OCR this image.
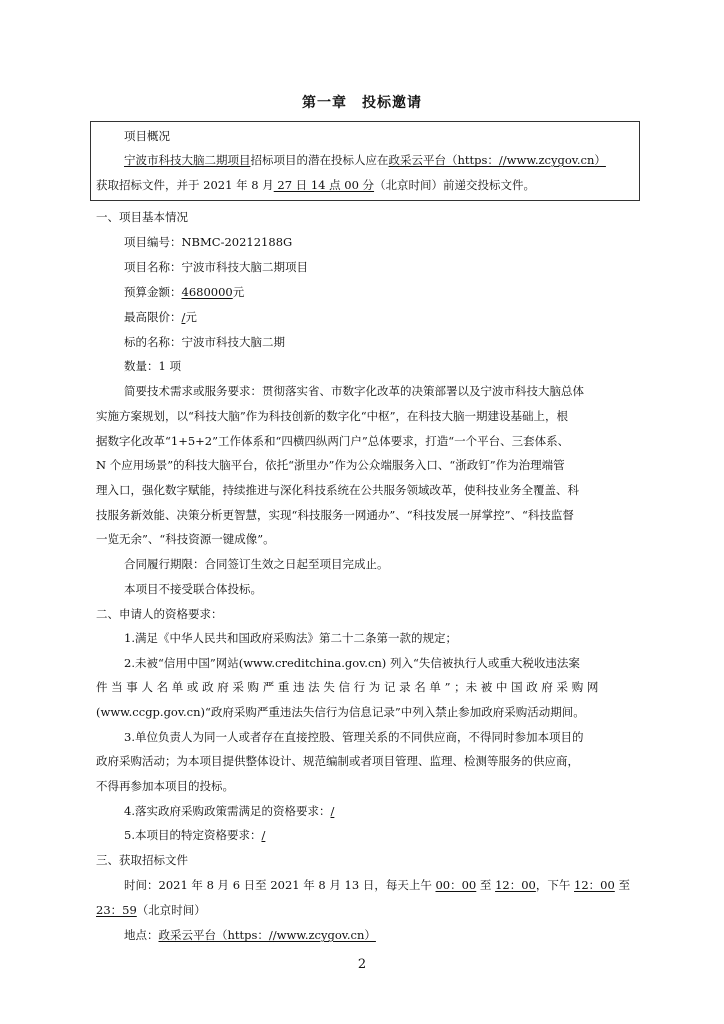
第一章　投标邀请
项目概况
宁波市科技大脑二期项目招标项目的潜在投标人应在政采云平台（https：//www.zcygov.cn）
获取招标文件，并于 2021 年 8 月 27 日 14 点 00 分（北京时间）前递交投标文件。
一、项目基本情况
项目编号：NBMC-20212188G
项目名称：宁波市科技大脑二期项目
预算金额：4680000元
最高限价：/元
标的名称：宁波市科技大脑二期
数量：1 项
简要技术需求或服务要求：贯彻落实省、市数字化改革的决策部署以及宁波市科技大脑总体
实施方案规划，以“科技大脑”作为科技创新的数字化“中枢”，在科技大脑一期建设基础上，根
据数字化改革“1+5+2”工作体系和“四横四纵两门户”总体要求，打造“一个平台、三套体系、
N 个应用场景”的科技大脑平台，依托“浙里办”作为公众端服务入口、“浙政钉”作为治理端管
理入口，强化数字赋能，持续推进与深化科技系统在公共服务领域改革，使科技业务全覆盖、科
技服务新效能、决策分析更智慧，实现“科技服务一网通办”、“科技发展一屏掌控”、“科技监督
一览无余”、“科技资源一键成像”。
合同履行期限：合同签订生效之日起至项目完成止。
本项目不接受联合体投标。
二、申请人的资格要求：
1.满足《中华人民共和国政府采购法》第二十二条第一款的规定；
2.未被“信用中国”网站(www.creditchina.gov.cn) 列入“失信被执行人或重大税收违法案
件 当 事 人 名 单 或 政 府 采 购 严 重 违 法 失 信 行 为 记 录 名 单 ” ；未 被 中 国 政 府 采 购 网
(www.ccgp.gov.cn)“政府采购严重违法失信行为信息记录”中列入禁止参加政府采购活动期间。
3.单位负责人为同一人或者存在直接控股、管理关系的不同供应商，不得同时参加本项目的
政府采购活动；为本项目提供整体设计、规范编制或者项目管理、监理、检测等服务的供应商，
不得再参加本项目的投标。
4.落实政府采购政策需满足的资格要求：/
5.本项目的特定资格要求：/
三、获取招标文件
时间：2021 年 8 月 6 日至 2021 年 8 月 13 日，每天上午 00：00 至 12：00，下午 12：00 至
23：59（北京时间）
地点：政采云平台（https：//www.zcygov.cn）
2
